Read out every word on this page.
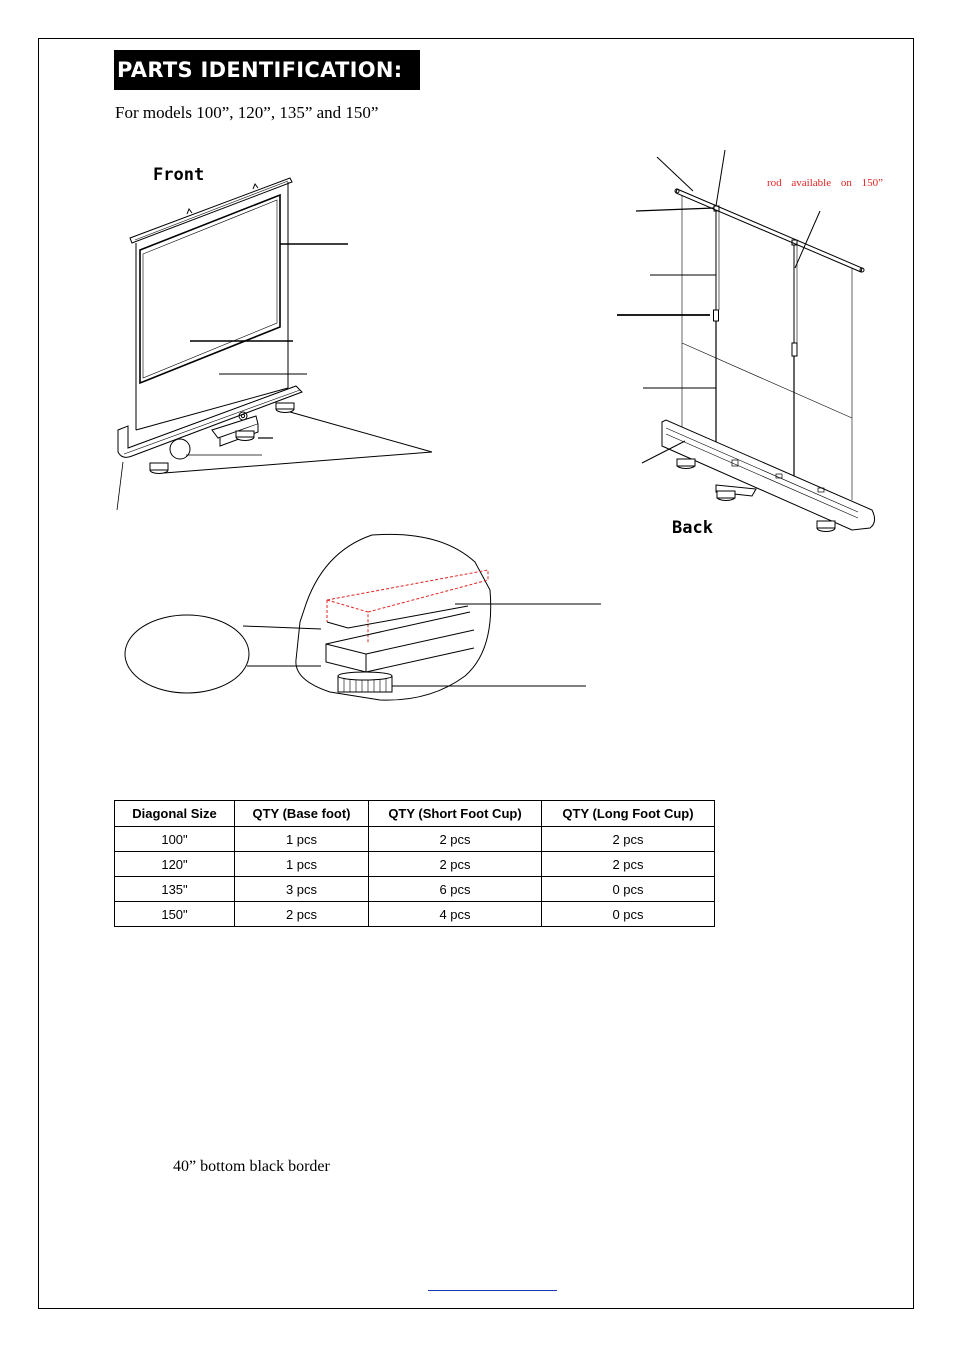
PARTS IDENTIFICATION:
For models 100”, 120”, 135” and 150”
Front
Back
rod available on 150”
Diagonal Size	QTY (Base foot)	QTY (Short Foot Cup)	QTY (Long Foot Cup)
100"	1 pcs	2 pcs	2 pcs
120"	1 pcs	2 pcs	2 pcs
135"	3 pcs	6 pcs	0 pcs
150"	2 pcs	4 pcs	0 pcs
40” bottom black border
